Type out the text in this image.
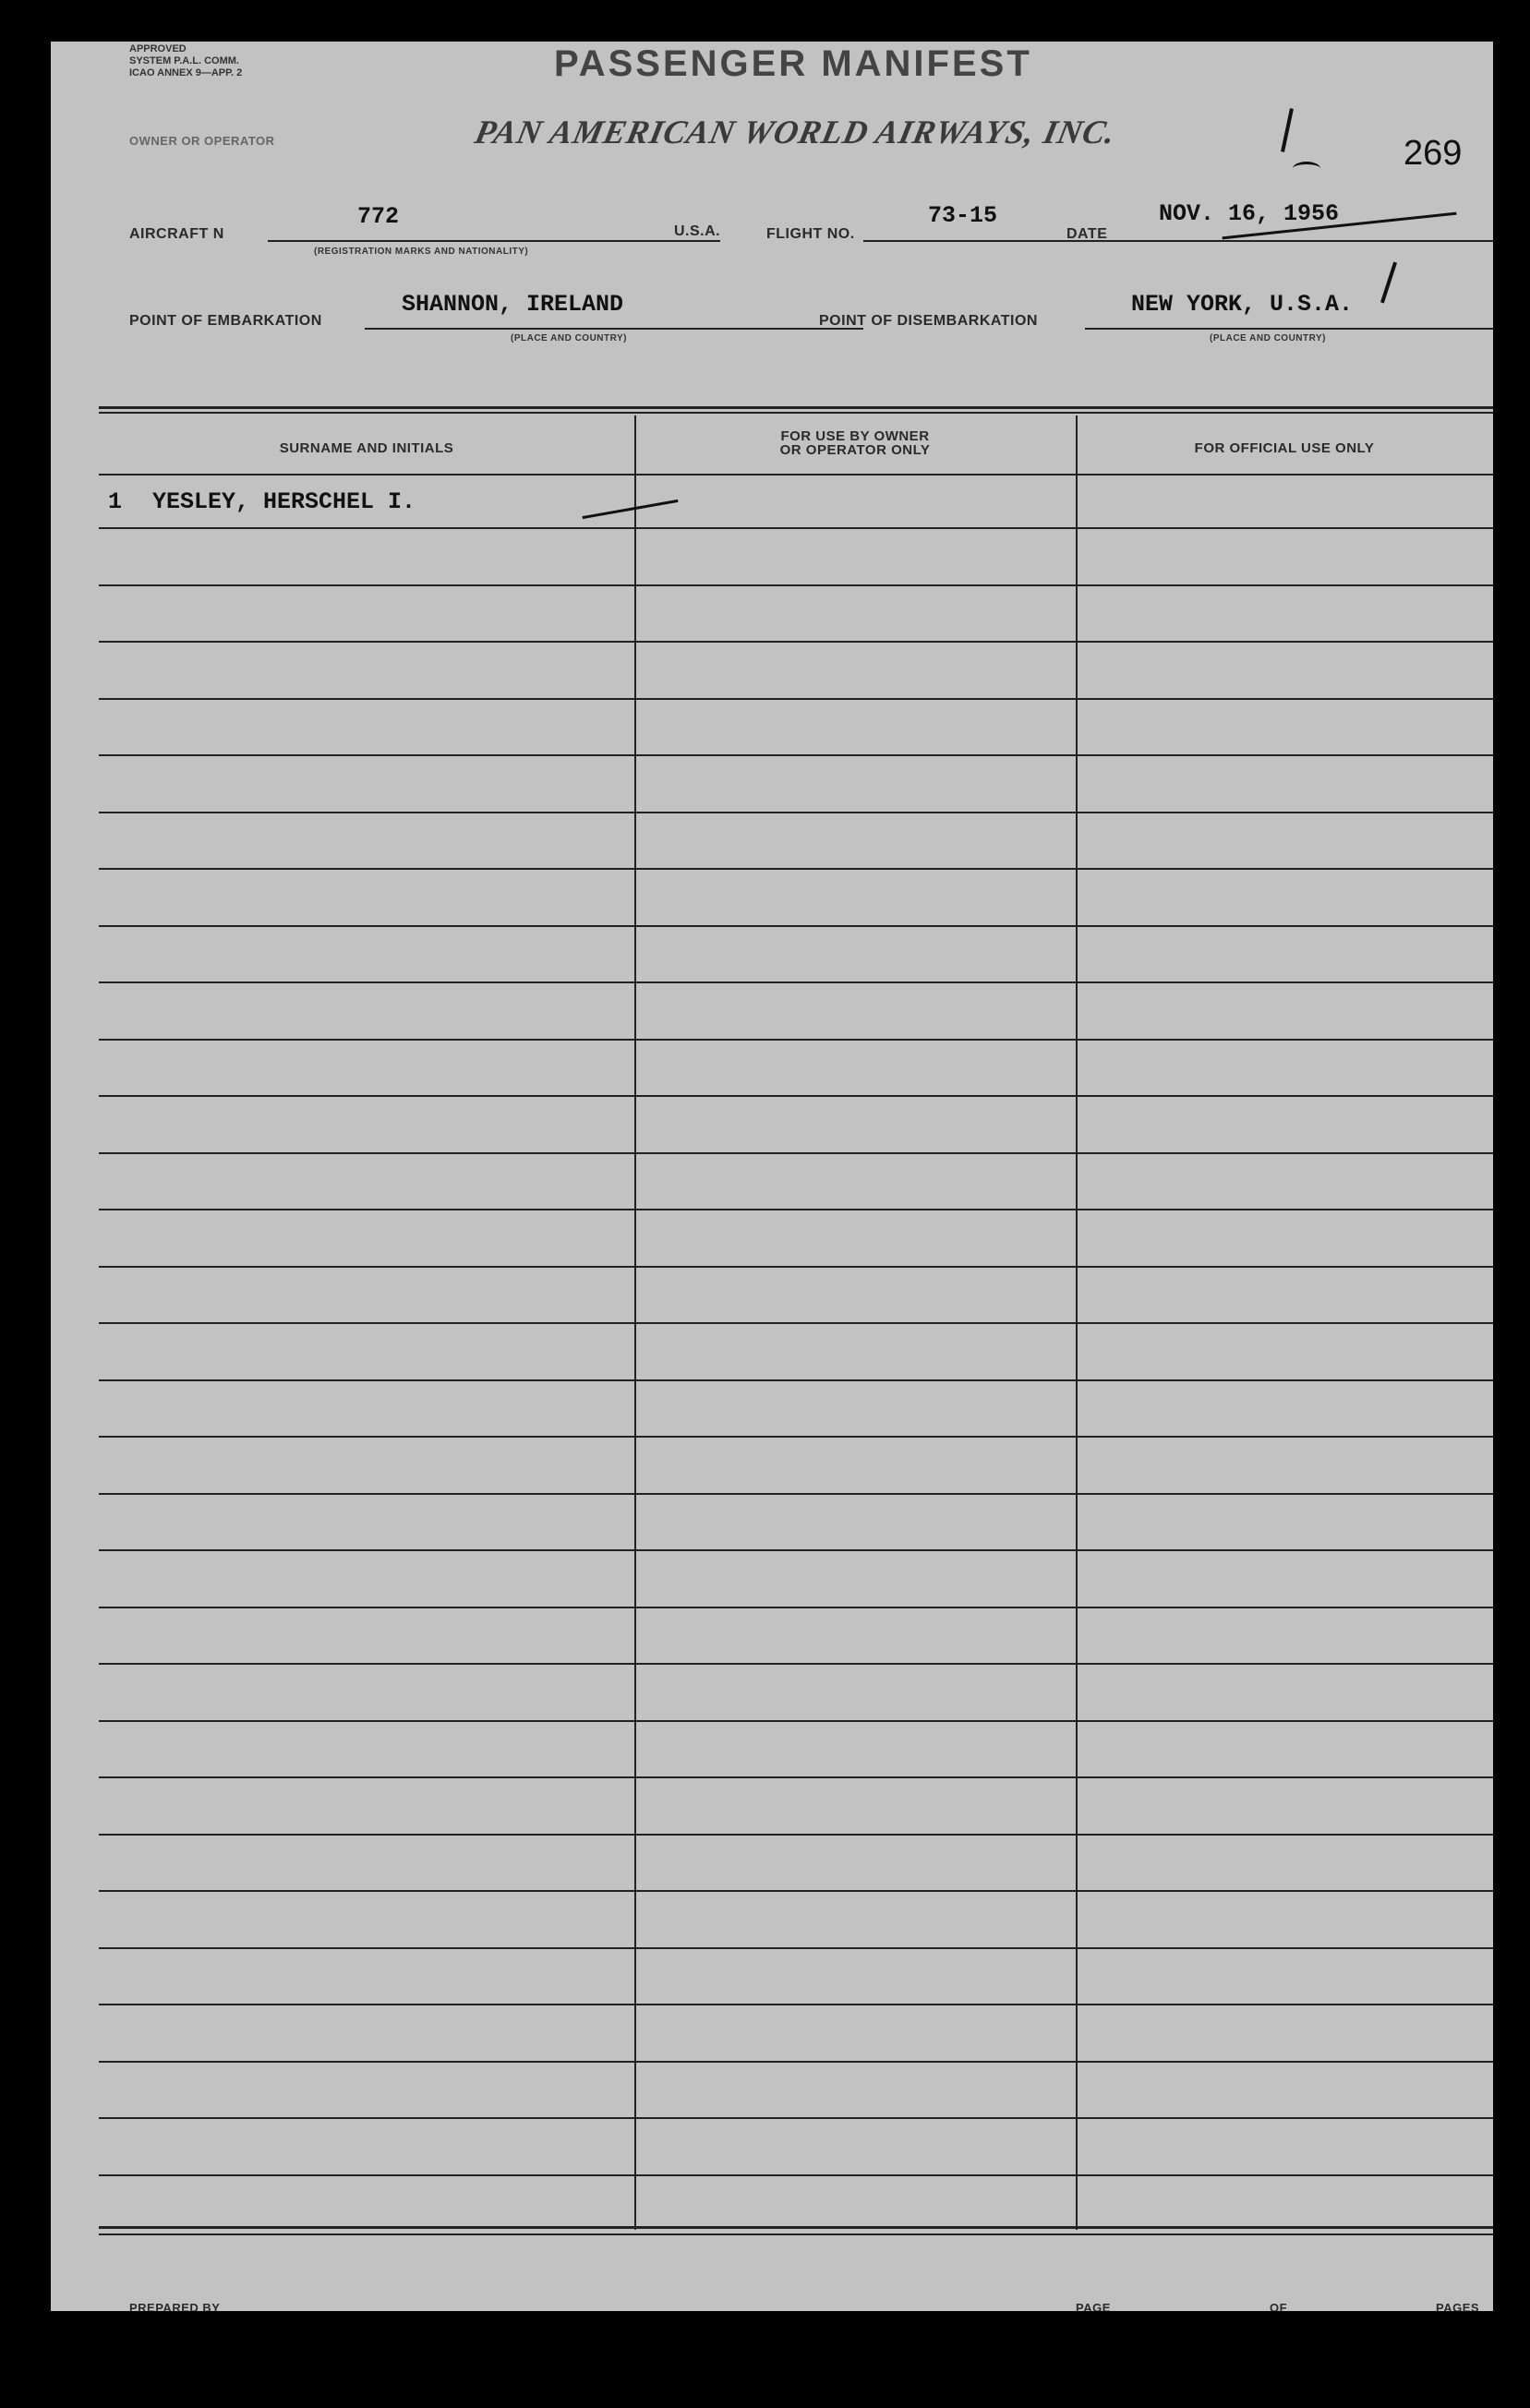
APPROVED
SYSTEM P.A.L. COMM.
ICAO ANNEX 9—APP. 2
OWNER OR OPERATOR
PASSENGER MANIFEST
PAN AMERICAN WORLD AIRWAYS, INC.
269
AIRCRAFT N
772
(REGISTRATION MARKS AND NATIONALITY)
U.S.A.	FLIGHT NO.
73-15
DATE
NOV. 16, 1956
POINT OF EMBARKATION
SHANNON, IRELAND
(PLACE AND COUNTRY)
POINT OF DISEMBARKATION
NEW YORK, U.S.A.
(PLACE AND COUNTRY)
SURNAME AND INITIALS
FOR USE BY OWNER
OR OPERATOR ONLY	FOR OFFICIAL USE ONLY
1 YESLEY, HERSCHEL I.
PREPARED BY	PAGE	OF	PAGES
